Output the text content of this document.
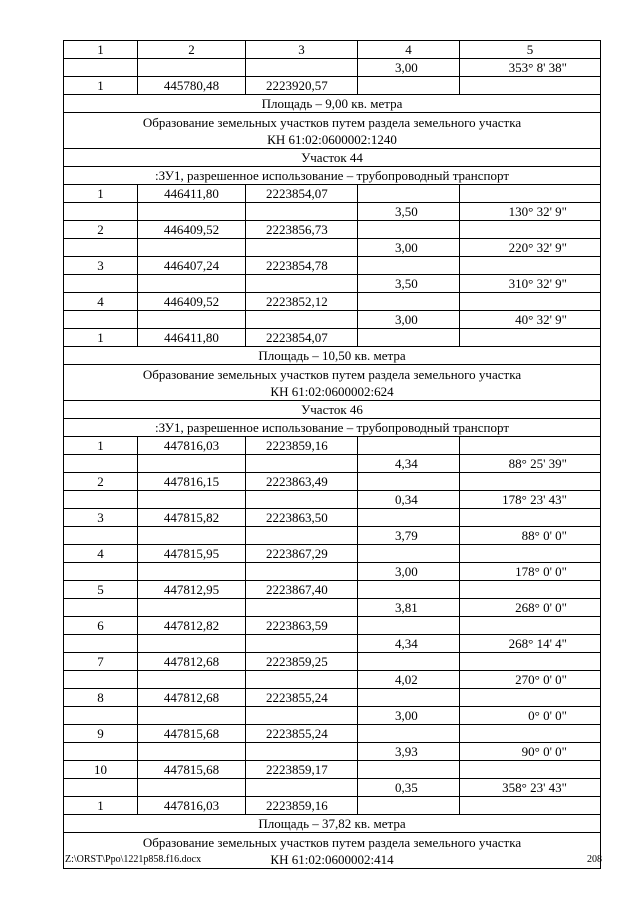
1	2	3	4	5
			3,00	353° 8' 38"
1	445780,48	2223920,57		
Площадь – 9,00 кв. метра				

Образование земельных участков путем раздела земельного участка
КН 61:02:0600002:1240				

Участок 44				
:ЗУ1, разрешенное использование – трубопроводный транспорт				
1	446411,80	2223854,07		
			3,50	130° 32' 9"
2	446409,52	2223856,73		
			3,00	220° 32' 9"
3	446407,24	2223854,78		
			3,50	310° 32' 9"
4	446409,52	2223852,12		
			3,00	40° 32' 9"
1	446411,80	2223854,07		
Площадь – 10,50 кв. метра				

Образование земельных участков путем раздела земельного участка
КН 61:02:0600002:624				

Участок 46				
:ЗУ1, разрешенное использование – трубопроводный транспорт				
1	447816,03	2223859,16		
			4,34	88° 25' 39"
2	447816,15	2223863,49		
			0,34	178° 23' 43"
3	447815,82	2223863,50		
			3,79	88° 0' 0"
4	447815,95	2223867,29		
			3,00	178° 0' 0"
5	447812,95	2223867,40		
			3,81	268° 0' 0"
6	447812,82	2223863,59		
			4,34	268° 14' 4"
7	447812,68	2223859,25		
			4,02	270° 0' 0"
8	447812,68	2223855,24		
			3,00	0° 0' 0"
9	447815,68	2223855,24		
			3,93	90° 0' 0"
10	447815,68	2223859,17		
			0,35	358° 23' 43"
1	447816,03	2223859,16		
Площадь – 37,82 кв. метра				

Образование земельных участков путем раздела земельного участка
КН 61:02:0600002:414				
Z:\ORST\Ppo\1221p858.f16.docx	208
